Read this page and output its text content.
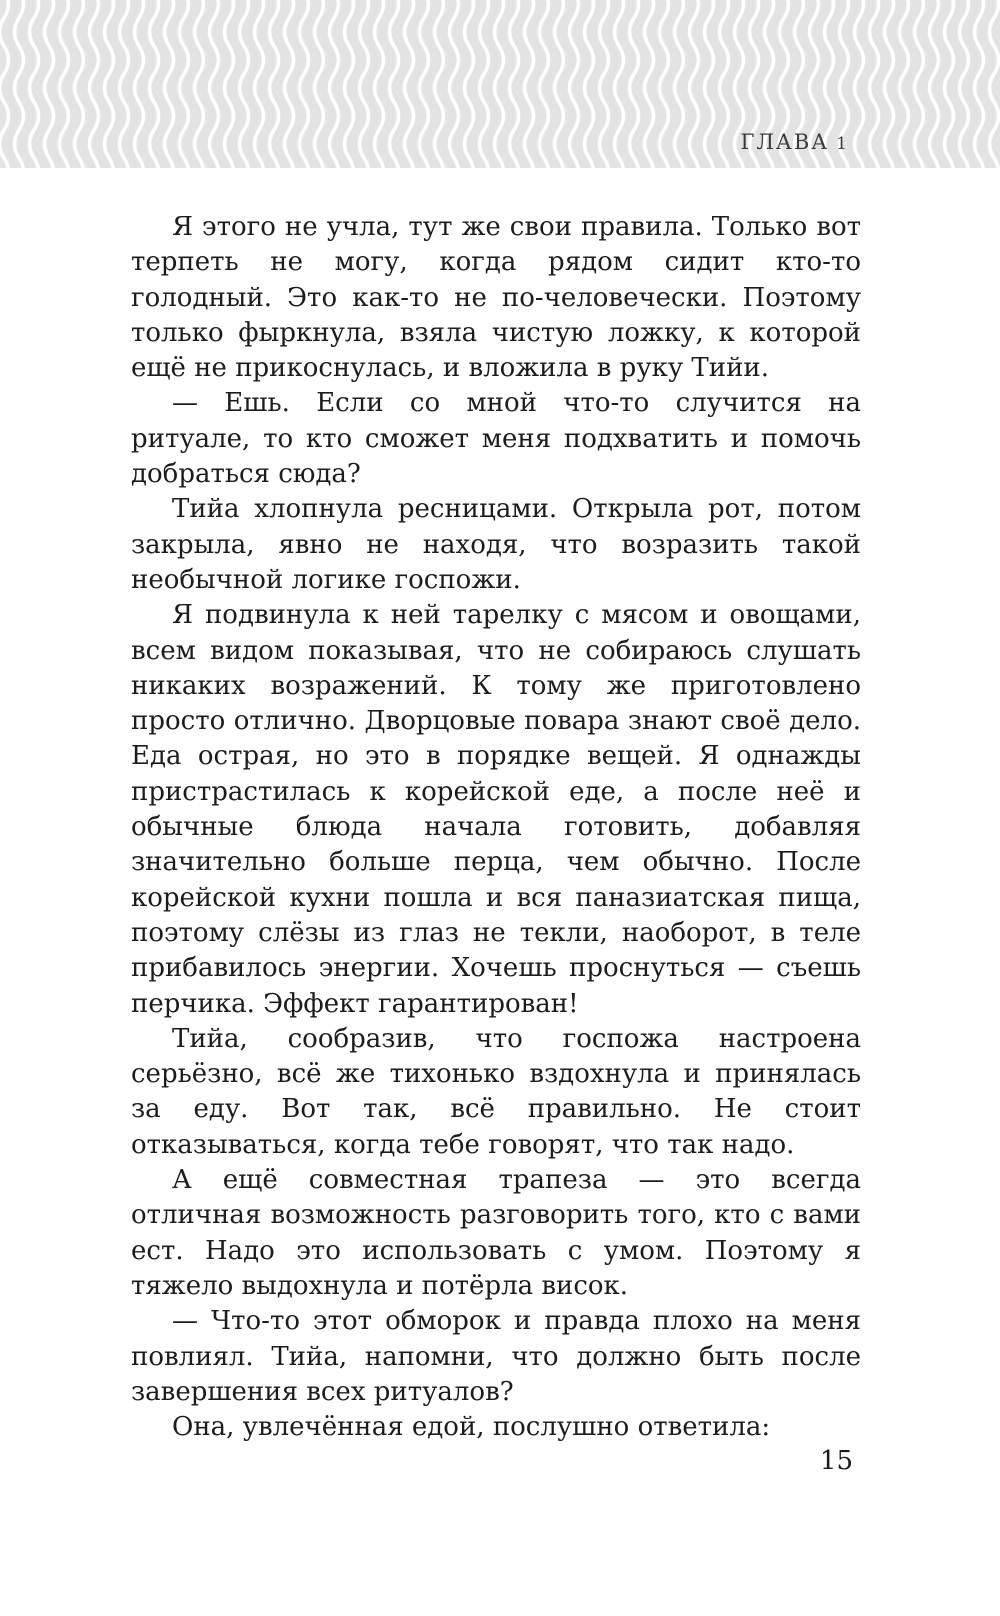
ГЛАВА 1

Я этого не учла, тут же свои правила. Только вот терпеть не могу, когда рядом сидит кто-то голодный. Это как-то не по-человечески. Поэтому только фыркнула, взяла чистую ложку, к которой ещё не прикоснулась, и вложила в руку Тийи.

— Ешь. Если со мной что-то случится на ритуале, то кто сможет меня подхватить и помочь добраться сюда?

Тийа хлопнула ресницами. Открыла рот, потом закрыла, явно не находя, что возразить такой необычной логике госпожи.

Я подвинула к ней тарелку с мясом и овощами, всем видом показывая, что не собираюсь слушать никаких возражений. К тому же приготовлено просто отлично. Дворцовые повара знают своё дело. Еда острая, но это в порядке вещей. Я однажды пристрастилась к корейской еде, а после неё и обычные блюда начала готовить, добавляя значительно больше перца, чем обычно. После корейской кухни пошла и вся паназиатская пища, поэтому слёзы из глаз не текли, наоборот, в теле прибавилось энергии. Хочешь проснуться — съешь перчика. Эффект гарантирован!

Тийа, сообразив, что госпожа настроена серьёзно, всё же тихонько вздохнула и принялась за еду. Вот так, всё правильно. Не стоит отказываться, когда тебе говорят, что так надо.

А ещё совместная трапеза — это всегда отличная возможность разговорить того, кто с вами ест. Надо это использовать с умом. Поэтому я тяжело выдохнула и потёрла висок.

— Что-то этот обморок и правда плохо на меня повлиял. Тийа, напомни, что должно быть после завершения всех ритуалов?

Она, увлечённая едой, послушно ответила:

15
